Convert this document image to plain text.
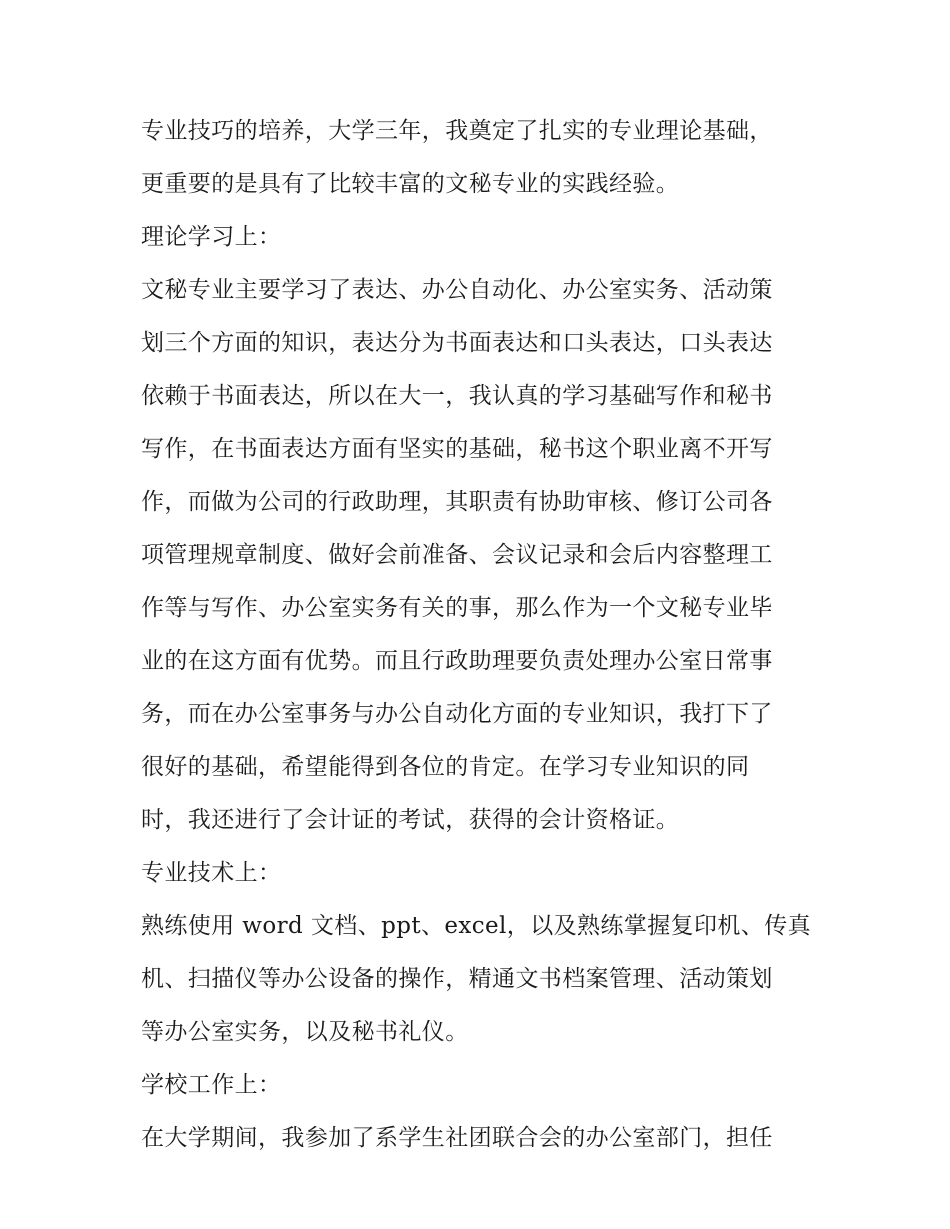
专业技巧的培养，大学三年，我奠定了扎实的专业理论基础，
更重要的是具有了比较丰富的文秘专业的实践经验。
理论学习上：
文秘专业主要学习了表达、办公自动化、办公室实务、活动策
划三个方面的知识，表达分为书面表达和口头表达，口头表达
依赖于书面表达，所以在大一，我认真的学习基础写作和秘书
写作，在书面表达方面有坚实的基础，秘书这个职业离不开写
作，而做为公司的行政助理，其职责有协助审核、修订公司各
项管理规章制度、做好会前准备、会议记录和会后内容整理工
作等与写作、办公室实务有关的事，那么作为一个文秘专业毕
业的在这方面有优势。而且行政助理要负责处理办公室日常事
务，而在办公室事务与办公自动化方面的专业知识，我打下了
很好的基础，希望能得到各位的肯定。在学习专业知识的同
时，我还进行了会计证的考试，获得的会计资格证。
专业技术上：
熟练使用 word 文档、ppt、excel，以及熟练掌握复印机、传真
机、扫描仪等办公设备的操作，精通文书档案管理、活动策划
等办公室实务，以及秘书礼仪。
学校工作上：
在大学期间，我参加了系学生社团联合会的办公室部门，担任
